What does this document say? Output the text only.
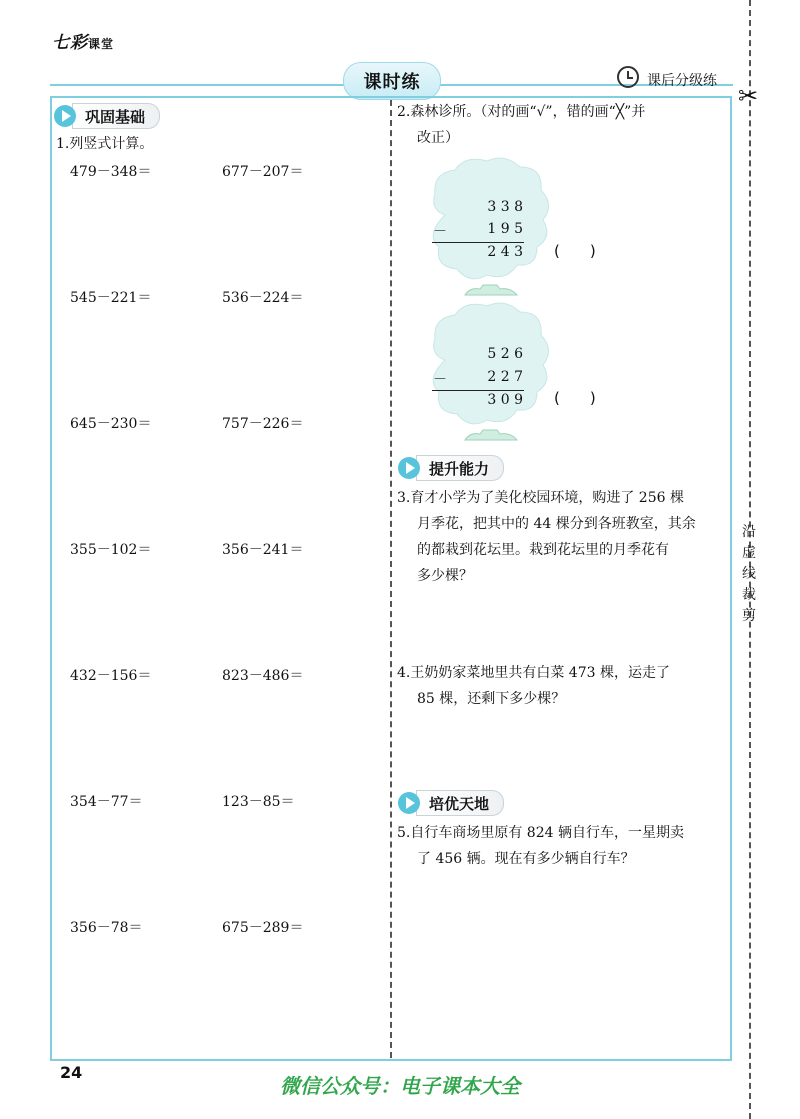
七彩课堂
课时练	课后分级练
✂
沿虚线裁剪
巩固基础
1.列竖式计算。
479－348＝	677－207＝
545－221＝	536－224＝
645－230＝	757－226＝
355－102＝	356－241＝
432－156＝	823－486＝
354－77＝	123－85＝
356－78＝	675－289＝
2.森林诊所。（对的画“√”，错的画“╳”并
改正）
3 3 8
－	1 9 5
2 4 3 (　　)
5 2 6
－	2 2 7
3 0 9 (　　)
提升能力
3.育才小学为了美化校园环境，购进了 256 棵
月季花，把其中的 44 棵分到各班教室，其余
的都栽到花坛里。栽到花坛里的月季花有
多少棵？
4.王奶奶家菜地里共有白菜 473 棵，运走了
85 棵，还剩下多少棵？
培优天地
5.自行车商场里原有 824 辆自行车，一星期卖
了 456 辆。现在有多少辆自行车？
24
微信公众号：电子课本大全
